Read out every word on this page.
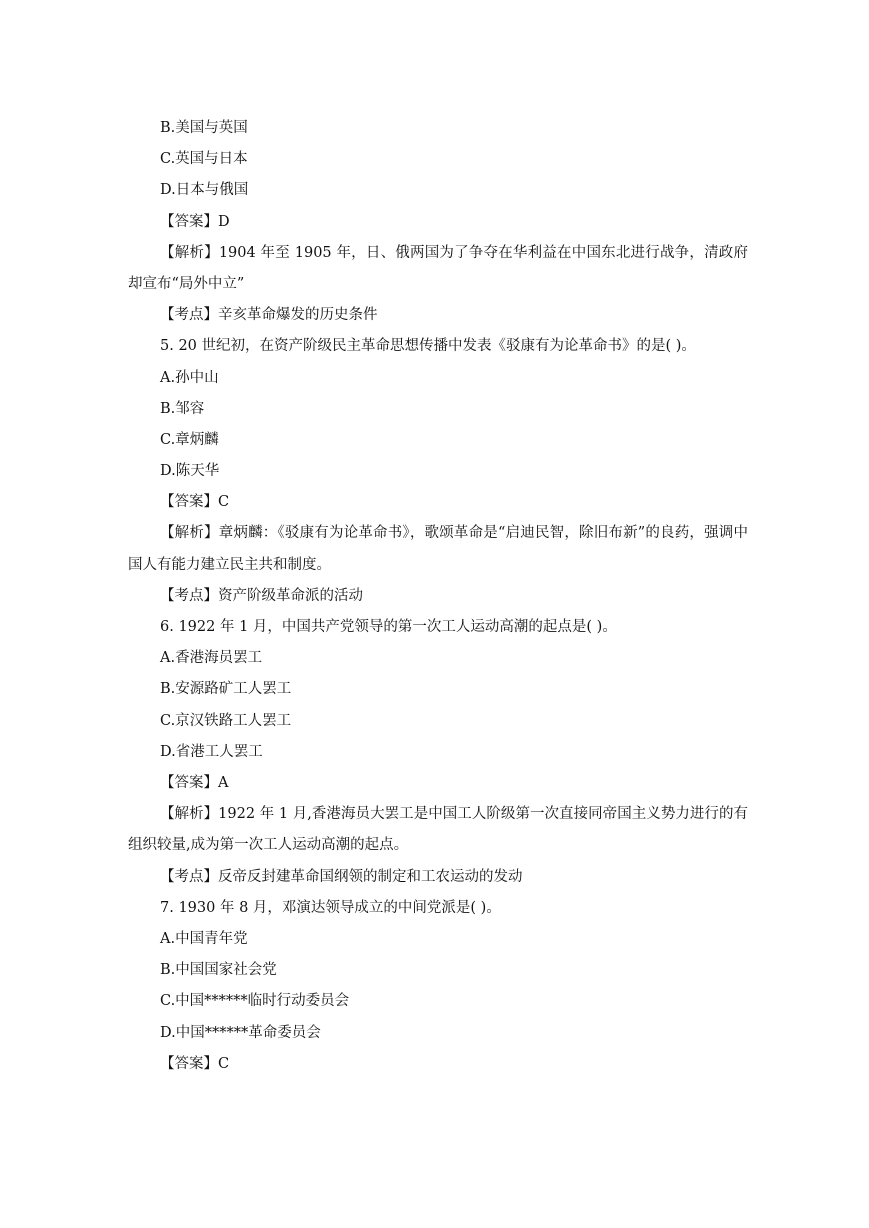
B.美国与英国
C.英国与日本
D.日本与俄国
【答案】D
【解析】1904 年至 1905 年，日、俄两国为了争夺在华利益在中国东北进行战争，清政府却宣布“局外中立”
【考点】辛亥革命爆发的历史条件
5. 20 世纪初，在资产阶级民主革命思想传播中发表《驳康有为论革命书》的是( )。
A.孙中山
B.邹容
C.章炳麟
D.陈天华
【答案】C
【解析】章炳麟：《驳康有为论革命书》，歌颂革命是“启迪民智，除旧布新”的良药，强调中国人有能力建立民主共和制度。
【考点】资产阶级革命派的活动
6. 1922 年 1 月，中国共产党领导的第一次工人运动高潮的起点是( )。
A.香港海员罢工
B.安源路矿工人罢工
C.京汉铁路工人罢工
D.省港工人罢工
【答案】A
【解析】1922 年 1 月,香港海员大罢工是中国工人阶级第一次直接同帝国主义势力进行的有组织较量,成为第一次工人运动高潮的起点。
【考点】反帝反封建革命国纲领的制定和工农运动的发动
7. 1930 年 8 月，邓演达领导成立的中间党派是( )。
A.中国青年党
B.中国国家社会党
C.中国******临时行动委员会
D.中国******革命委员会
【答案】C
